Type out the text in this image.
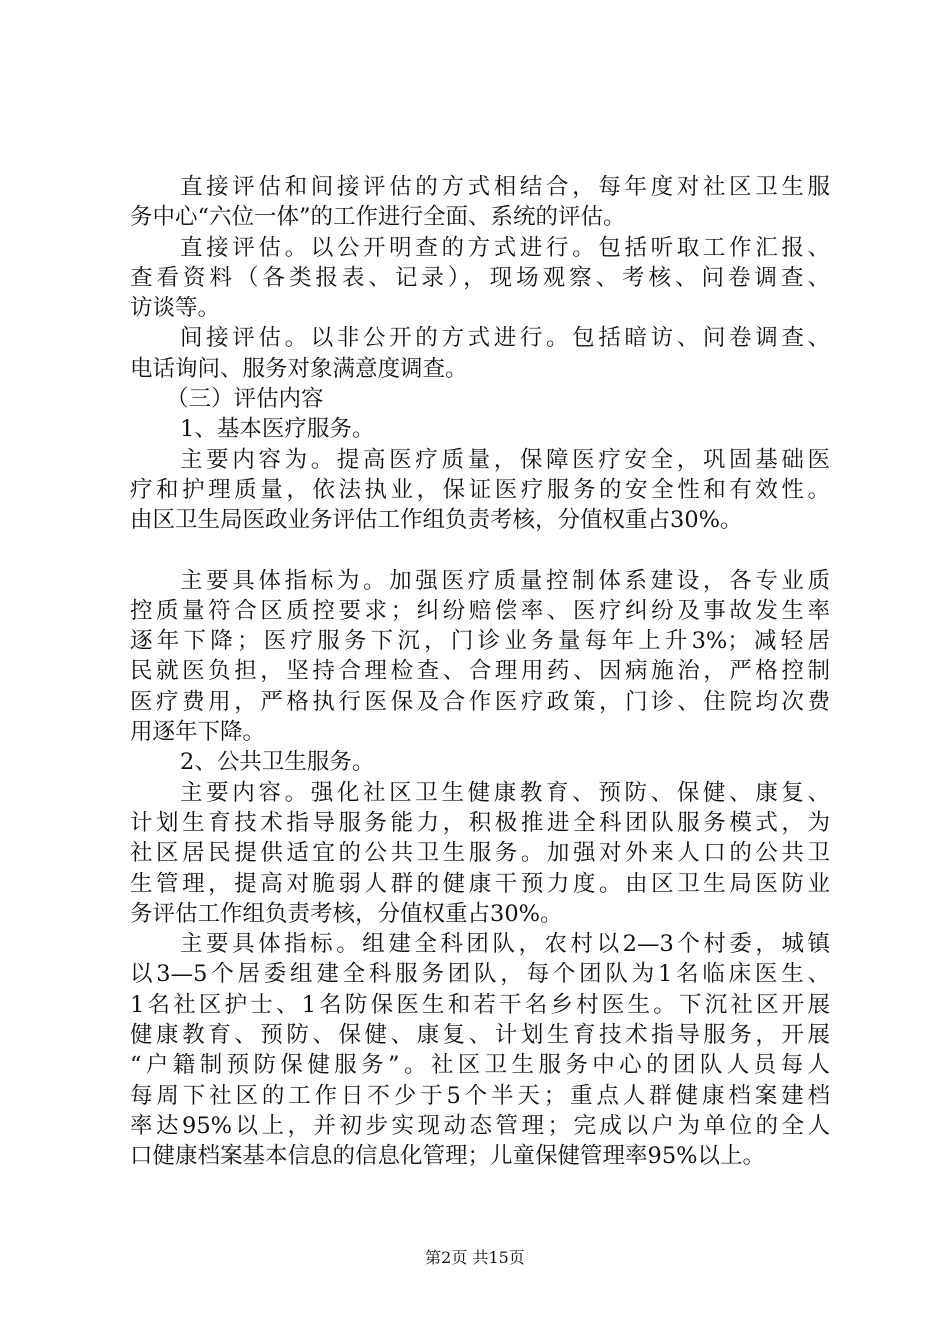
直接评估和间接评估的方式相结合，每年度对社区卫生服
务中心“六位一体”的工作进行全面、系统的评估。
直接评估。以公开明查的方式进行。包括听取工作汇报、
查看资料（各类报表、记录），现场观察、考核、问卷调查、
访谈等。
间接评估。以非公开的方式进行。包括暗访、问卷调查、
电话询问、服务对象满意度调查。
（三）评估内容
1、基本医疗服务。
主要内容为。提高医疗质量，保障医疗安全，巩固基础医
疗和护理质量，依法执业，保证医疗服务的安全性和有效性。
由区卫生局医政业务评估工作组负责考核，分值权重占30%。
主要具体指标为。加强医疗质量控制体系建设，各专业质
控质量符合区质控要求；纠纷赔偿率、医疗纠纷及事故发生率
逐年下降；医疗服务下沉，门诊业务量每年上升3%；减轻居
民就医负担，坚持合理检查、合理用药、因病施治，严格控制
医疗费用，严格执行医保及合作医疗政策，门诊、住院均次费
用逐年下降。
2、公共卫生服务。
主要内容。强化社区卫生健康教育、预防、保健、康复、
计划生育技术指导服务能力，积极推进全科团队服务模式，为
社区居民提供适宜的公共卫生服务。加强对外来人口的公共卫
生管理，提高对脆弱人群的健康干预力度。由区卫生局医防业
务评估工作组负责考核，分值权重占30%。
主要具体指标。组建全科团队，农村以2—3个村委，城镇
以3—5个居委组建全科服务团队，每个团队为1名临床医生、
1名社区护士、1名防保医生和若干名乡村医生。下沉社区开展
健康教育、预防、保健、康复、计划生育技术指导服务，开展
“户籍制预防保健服务”。社区卫生服务中心的团队人员每人
每周下社区的工作日不少于5个半天；重点人群健康档案建档
率达95%以上，并初步实现动态管理；完成以户为单位的全人
口健康档案基本信息的信息化管理；儿童保健管理率95%以上。
第2页 共15页
